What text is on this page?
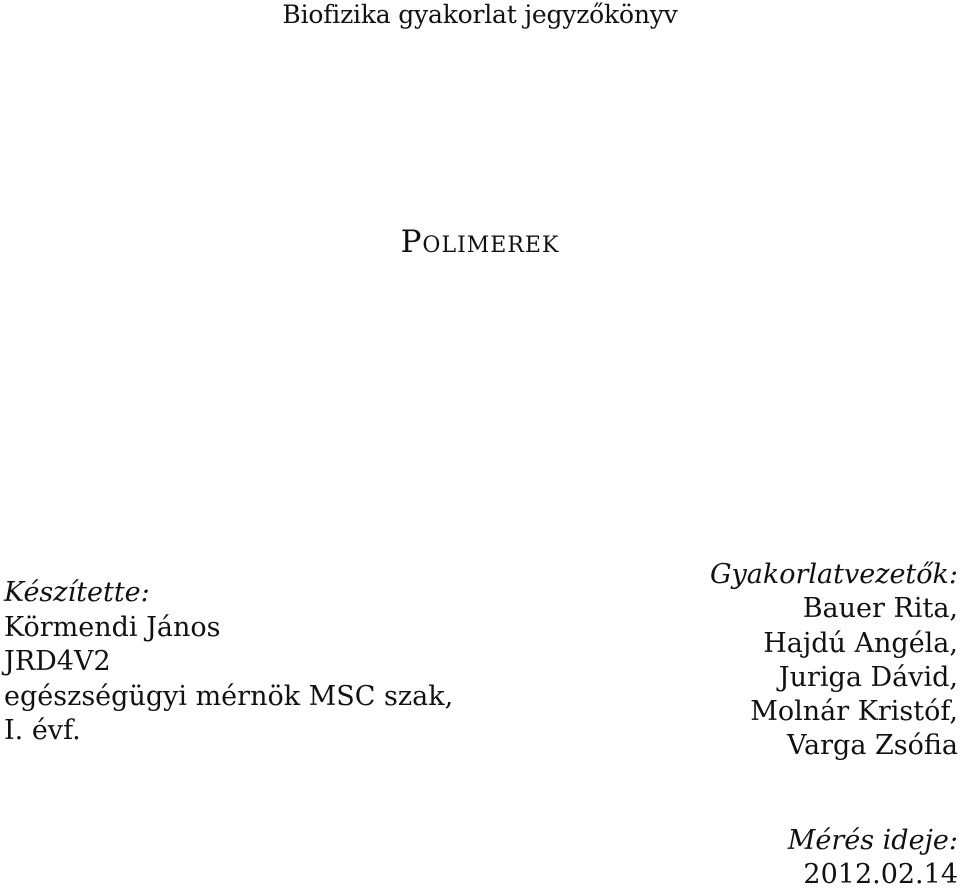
Biofizika gyakorlat jegyzőkönyv
Polimerek
Készítette:
Körmendi János
JRD4V2
egészségügyi mérnök MSC szak,
I. évf.
Gyakorlatvezetők:
Bauer Rita,
Hajdú Angéla,
Juriga Dávid,
Molnár Kristóf,
Varga Zsófia
Mérés ideje:
2012.02.14
